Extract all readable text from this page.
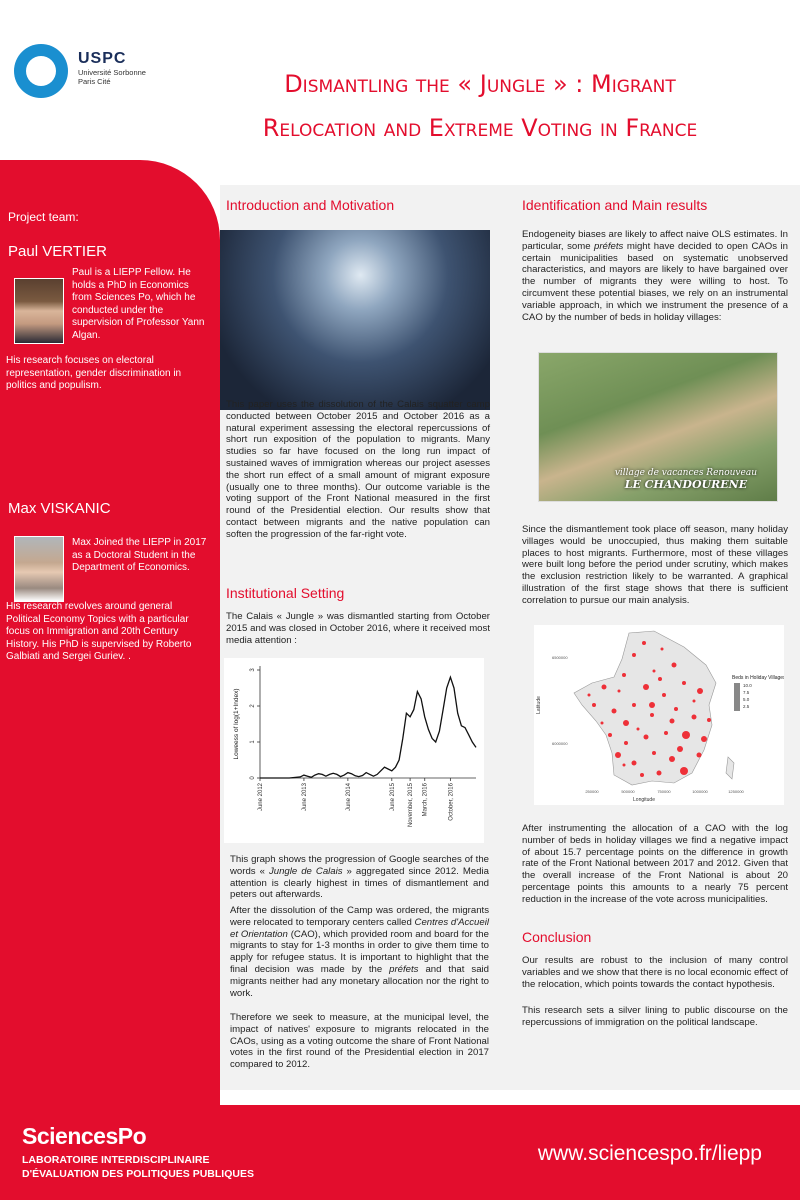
USPC
Université Sorbonne
Paris Cité	Dismantling the « Jungle » : Migrant
Relocation and Extreme Voting in France
Project team:
Paul VERTIER
Paul is a LIEPP Fellow. He holds a PhD in Economics from Sciences Po, which he conducted under the supervision of Professor Yann Algan.
His research focuses on electoral representation, gender discrimination in politics and populism.
Max VISKANIC
Max Joined the LIEPP in 2017 as a Doctoral Student in the Department of Economics.
His research revolves around general Political Economy Topics with a particular focus on Immigration and 20th Century History. His PhD is supervised by Roberto Galbiati and Sergei Guriev. .
Introduction and Motivation
This paper uses the dissolution of the Calais squatter camp conducted between October 2015 and October 2016 as a natural experiment assessing the electoral repercussions of short run exposition of the population to migrants. Many studies so far have focused on the long run impact of sustained waves of immigration whereas our project asesses the short run effect of a small amount of migrant exposure (usually one to three months). Our outcome variable is the voting support of the Front National measured in the first round of the Presidential election. Our results show that contact between migrants and the native population can soften the progression of the far-right vote.
Institutional Setting
The Calais « Jungle » was dismantled starting from October 2015 and was closed in October 2016, where it received most media attention :
0
1
2
3
Loweess of log(1+Index)
June 2012	June 2013	June 2014	June 2015 November, 2015 March, 2016	October, 2016
This graph shows the progression of Google searches of the words « Jungle de Calais » aggregated since 2012. Media attention is clearly highest in times of dismantlement and peters out afterwards.
After the dissolution of the Camp was ordered, the migrants were relocated to temporary centers called Centres d'Accueil et Orientation (CAO), which provided room and board for the migrants to stay for 1-3 months in order to give them time to apply for refugee status. It is important to highlight that the final decision was made by the préfets and that said migrants neither had any monetary allocation nor the right to work.
Therefore we seek to measure, at the municipal level, the impact of natives' exposure to migrants relocated in the CAOs, using as a voting outcome the share of Front National votes in the first round of the Presidential election in 2017 compared to 2012.
Identification and Main results
Endogeneity biases are likely to affect naive OLS estimates. In particular, some préfets might have decided to open CAOs in certain municipalities based on systematic unobserved characteristics, and mayors are likely to have bargained over the number of migrants they were willing to host. To circumvent these potential biases, we rely on an instrumental variable approach, in which we instrument the presence of a CAO by the number of beds in holiday villages:
village de vacances Renouveau
LE CHANDOURENE
Since the dismantlement took place off season, many holiday villages would be unoccupied, thus making them suitable places to host migrants. Furthermore, most of these villages were built long before the period under scrutiny, which makes the exclusion restriction likely to be warranted. A graphical illustration of the first stage shows that there is sufficient correlation to pursue our main analysis.
Beds in Holiday Villages
10.0
7.5
5.0
2.5
Latitude
Longitude
6500000
6000000
250000	500000	750000	1000000	1250000
After instrumenting the allocation of a CAO with the log number of beds in holiday villages we find a negative impact of about 15.7 percentage points on the difference in growth rate of the Front National between 2017 and 2012. Given that the overall increase of the Front National is about 20 percentage points this amounts to a nearly 75 percent reduction in the increase of the vote across municipalities.
Conclusion
Our results are robust to the inclusion of many control variables and we show that there is no local economic effect of the relocation, which points towards the contact hypothesis.
This research sets a silver lining to public discourse on the repercussions of immigration on the political landscape.
SciencesPo
LABORATOIRE INTERDISCIPLINAIRE
D'ÉVALUATION DES POLITIQUES PUBLIQUES
www.sciencespo.fr/liepp
